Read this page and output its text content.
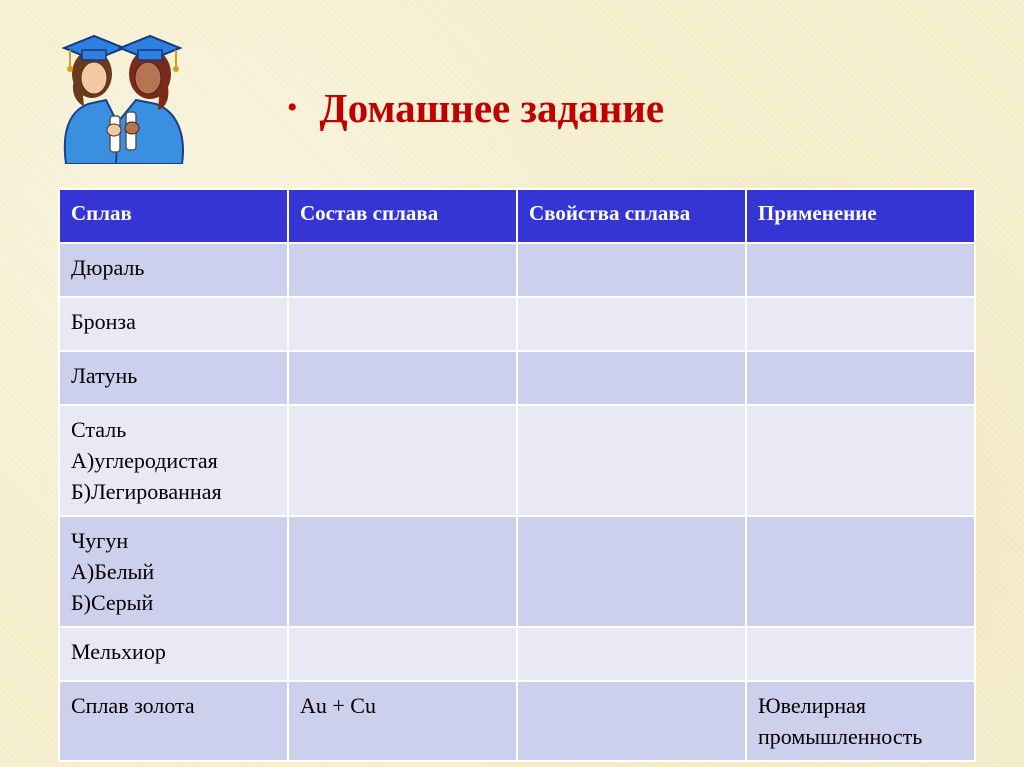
• Домашнее задание
Сплав	Состав сплава	Свойства сплава	Применение

Дюраль			

Бронза			

Латунь			

Сталь
А)углеродистая
Б)Легированная			

Чугун
А)Белый
Б)Серый			

Мельхиор			

Сплав золота	Au + Cu		Ювелирная
промышленность
